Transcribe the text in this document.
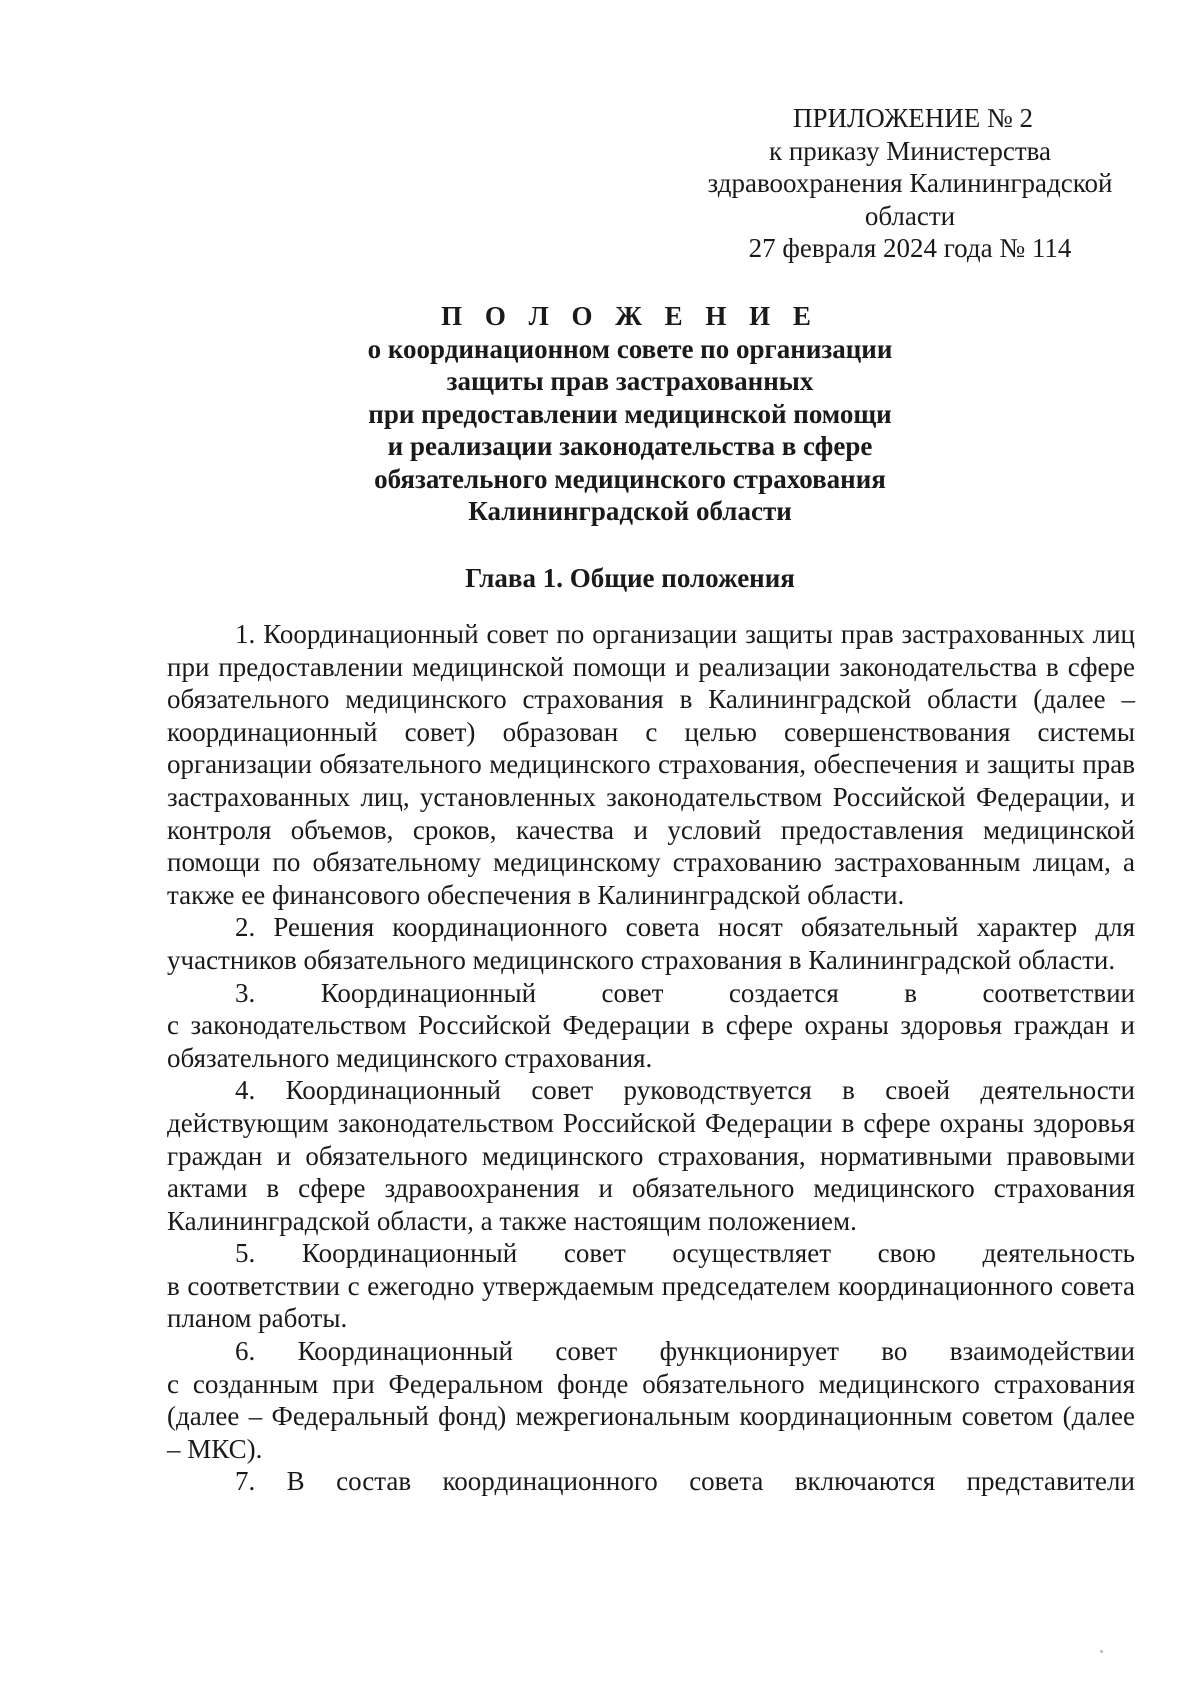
ПРИЛОЖЕНИЕ № 2
к приказу Министерства
здравоохранения Калининградской
области
27 февраля 2024 года № 114
П О Л О Ж Е Н И Е
о координационном совете по организации
защиты прав застрахованных
при предоставлении медицинской помощи
и реализации законодательства в сфере
обязательного медицинского страхования
Калининградской области
Глава 1. Общие положения

1. Координационный совет по организации защиты прав застрахованных лиц при предоставлении медицинской помощи и реализации законодательства в сфере обязательного медицинского страхования в Калининградской области (далее – координационный совет) образован с целью совершенствования системы организации обязательного медицинского страхования, обеспечения и защиты прав застрахованных лиц, установленных законодательством Российской Федерации, и контроля объемов, сроков, качества и условий предоставления медицинской помощи по обязательному медицинскому страхованию застрахованным лицам, а также ее финансового обеспечения в Калининградской области.

2. Решения координационного совета носят обязательный характер для участников обязательного медицинского страхования в Калининградской области.

3. Координационный совет создается в соответствии

с законодательством Российской Федерации в сфере охраны здоровья граждан и обязательного медицинского страхования.

4. Координационный совет руководствуется в своей деятельности действующим законодательством Российской Федерации в сфере охраны здоровья граждан и обязательного медицинского страхования, нормативными правовыми актами в сфере здравоохранения и обязательного медицинского страхования Калининградской области, а также настоящим положением.

5. Координационный совет осуществляет свою деятельность

в соответствии с ежегодно утверждаемым председателем координационного совета планом работы.

6. Координационный совет функционирует во взаимодействии

с созданным при Федеральном фонде обязательного медицинского страхования (далее – Федеральный фонд) межрегиональным координационным советом (далее – МКС).

7. В состав координационного совета включаются представители
